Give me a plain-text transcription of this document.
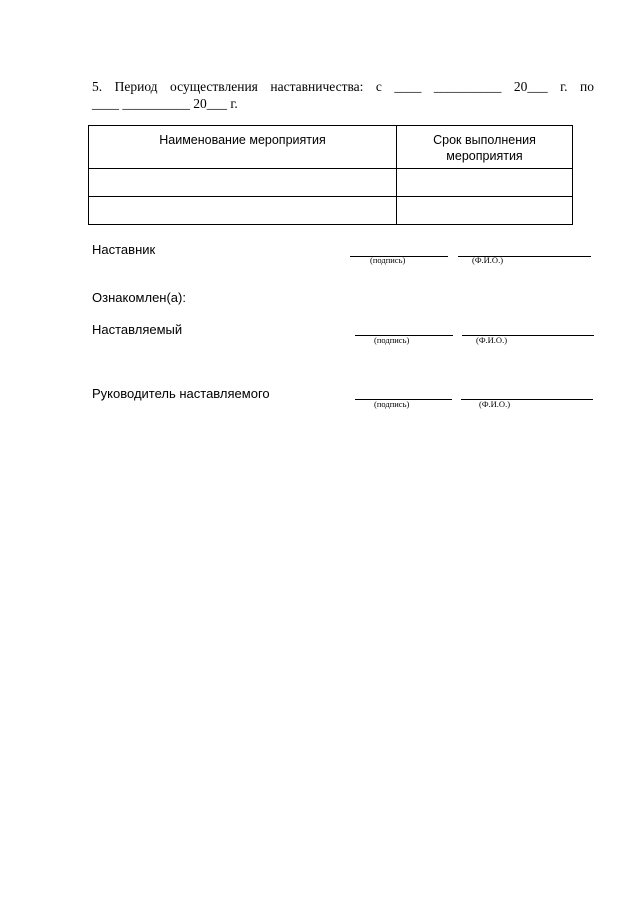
5. Период осуществления наставничества: с ____ __________ 20___ г. по
____ __________ 20___ г.
Наименование мероприятия	Срок выполнения мероприятия

Наставник
(подпись)	(Ф.И.О.)
Ознакомлен(а):
Наставляемый
(подпись)	(Ф.И.О.)
Руководитель наставляемого
(подпись)	(Ф.И.О.)
